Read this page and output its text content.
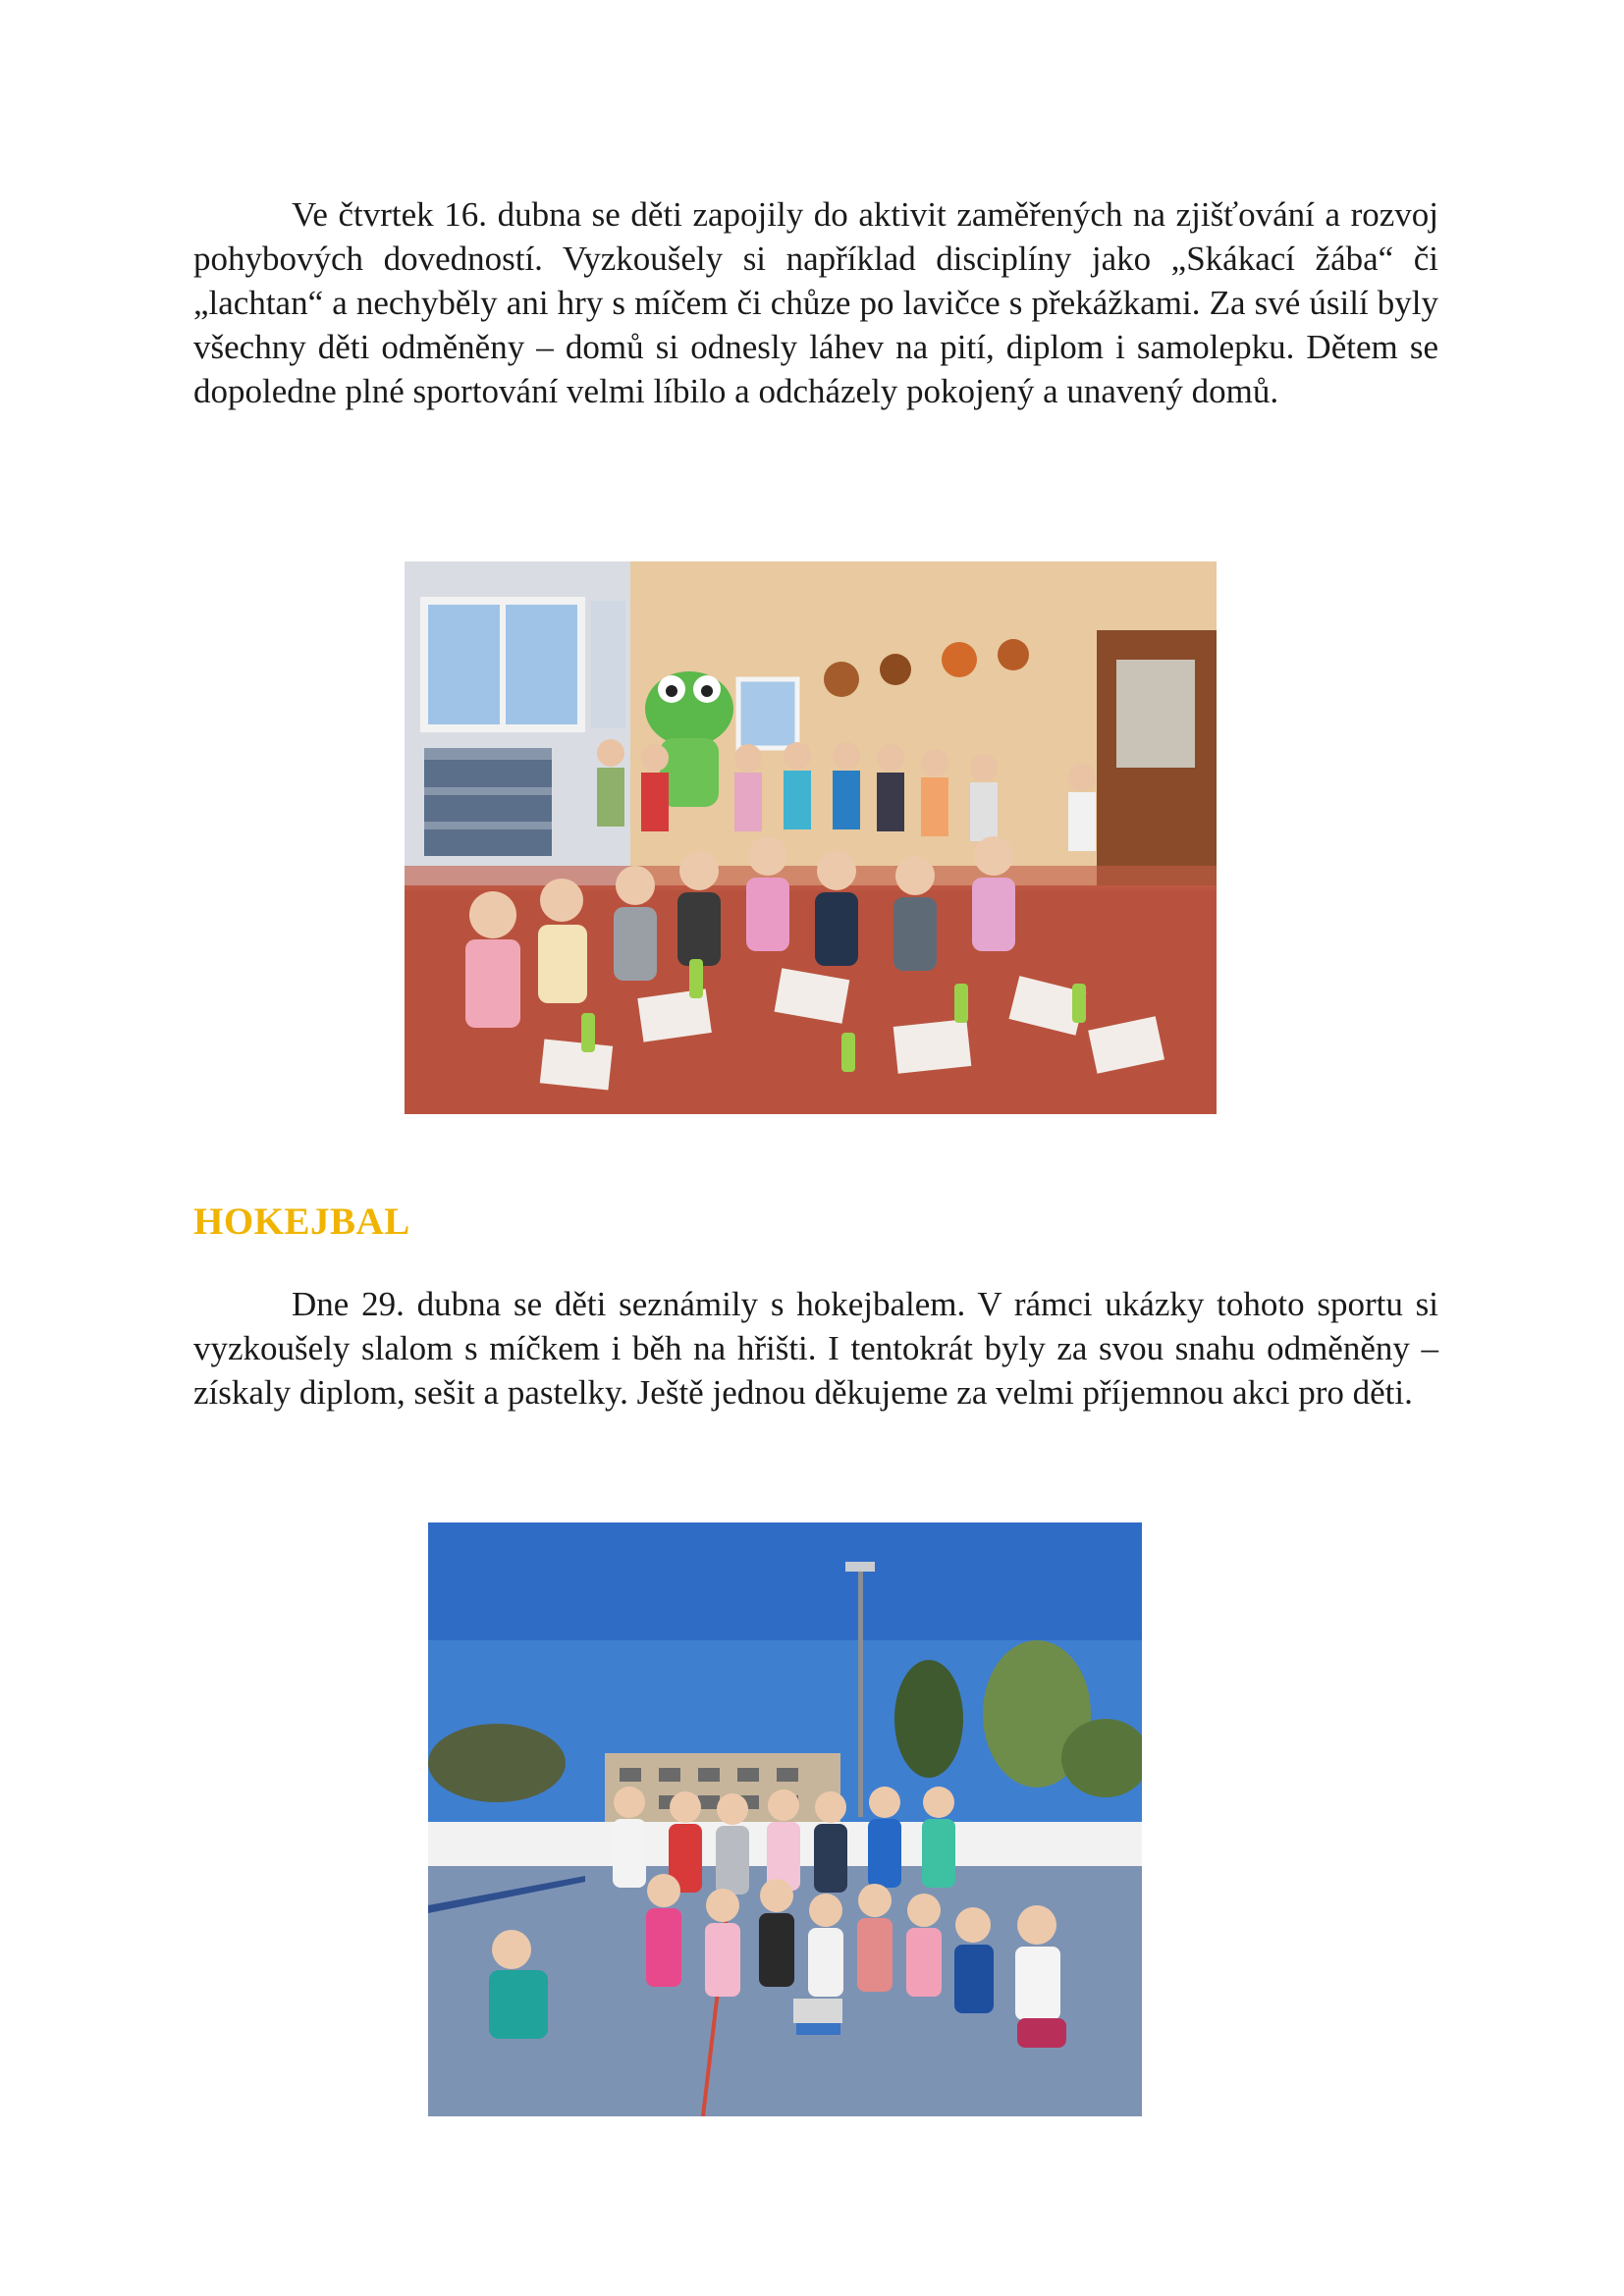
Ve čtvrtek 16. dubna se děti zapojily do aktivit zaměřených na zjišťování a rozvoj pohybových dovedností. Vyzkoušely si například disciplíny jako „Skákací žába“ či „lachtan“ a nechyběly ani hry s míčem či chůze po lavičce s překážkami. Za své úsilí byly všechny děti odměněny – domů si odnesly láhev na pití, diplom i samolepku. Dětem se dopoledne plné sportování velmi líbilo a odcházely pokojený a unavený domů.

HOKEJBAL

Dne 29. dubna se děti seznámily s hokejbalem. V rámci ukázky tohoto sportu si vyzkoušely slalom s míčkem i běh na hřišti. I tentokrát byly za svou snahu odměněny – získaly diplom, sešit a pastelky. Ještě jednou děkujeme za velmi příjemnou akci pro děti.
